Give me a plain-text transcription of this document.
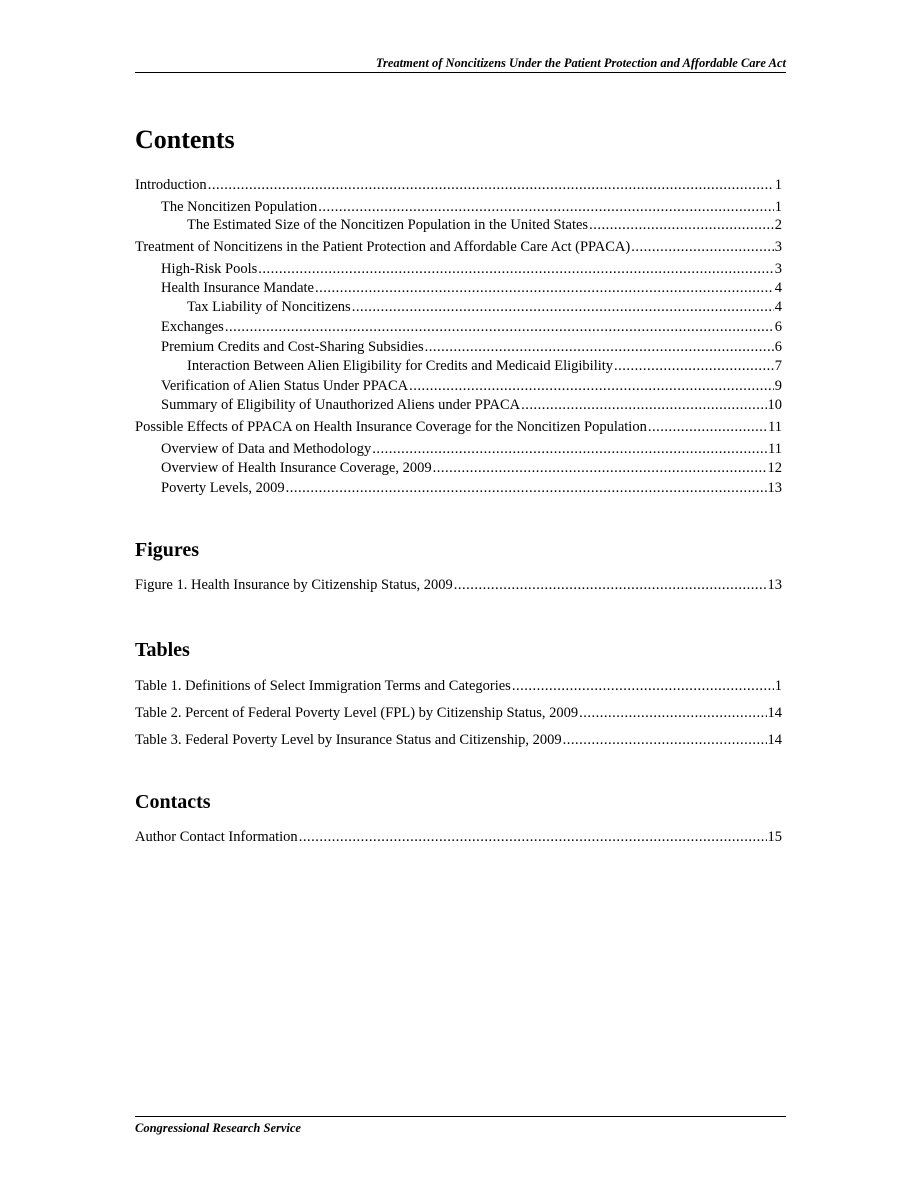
Treatment of Noncitizens Under the Patient Protection and Affordable Care Act
Contents
Introduction .....	1
The Noncitizen Population .....	1
The Estimated Size of the Noncitizen Population in the United States .....	2
Treatment of Noncitizens in the Patient Protection and Affordable Care Act (PPACA) .....	3
High-Risk Pools .....	3
Health Insurance Mandate .....	4
Tax Liability of Noncitizens .....	4
Exchanges .....	6
Premium Credits and Cost-Sharing Subsidies .....	6
Interaction Between Alien Eligibility for Credits and Medicaid Eligibility .....	7
Verification of Alien Status Under PPACA .....	9
Summary of Eligibility of Unauthorized Aliens under PPACA .....	10
Possible Effects of PPACA on Health Insurance Coverage for the Noncitizen Population .....	11
Overview of Data and Methodology .....	11
Overview of Health Insurance Coverage, 2009 .....	12
Poverty Levels, 2009 .....	13
Figures
Figure 1. Health Insurance by Citizenship Status, 2009 .....	13
Tables
Table 1. Definitions of Select Immigration Terms and Categories .....	1
Table 2. Percent of Federal Poverty Level (FPL) by Citizenship Status, 2009 .....	14
Table 3. Federal Poverty Level by Insurance Status and Citizenship, 2009 .....	14
Contacts
Author Contact Information .....	15
Congressional Research Service
